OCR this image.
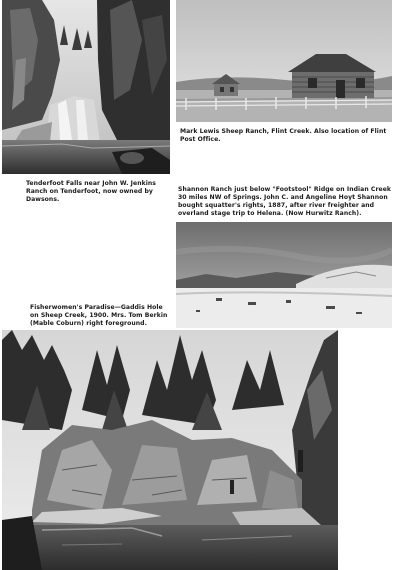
Mark Lewis Sheep Ranch, Flint Creek. Also location of Flint Post Office.

Tenderfoot Falls near John W. Jenkins Ranch on Tenderfoot, now owned by Dawsons.

Shannon Ranch just below "Footstool" Ridge on Indian Creek 30 miles NW of Springs. John C. and Angeline Hoyt Shannon bought squatter's rights, 1887, after river freighter and overland stage trip to Helena. (Now Hurwitz Ranch).

Fisherwomen's Paradise—Gaddis Hole on Sheep Creek, 1900. Mrs. Tom Berkin (Mable Coburn) right foreground.
